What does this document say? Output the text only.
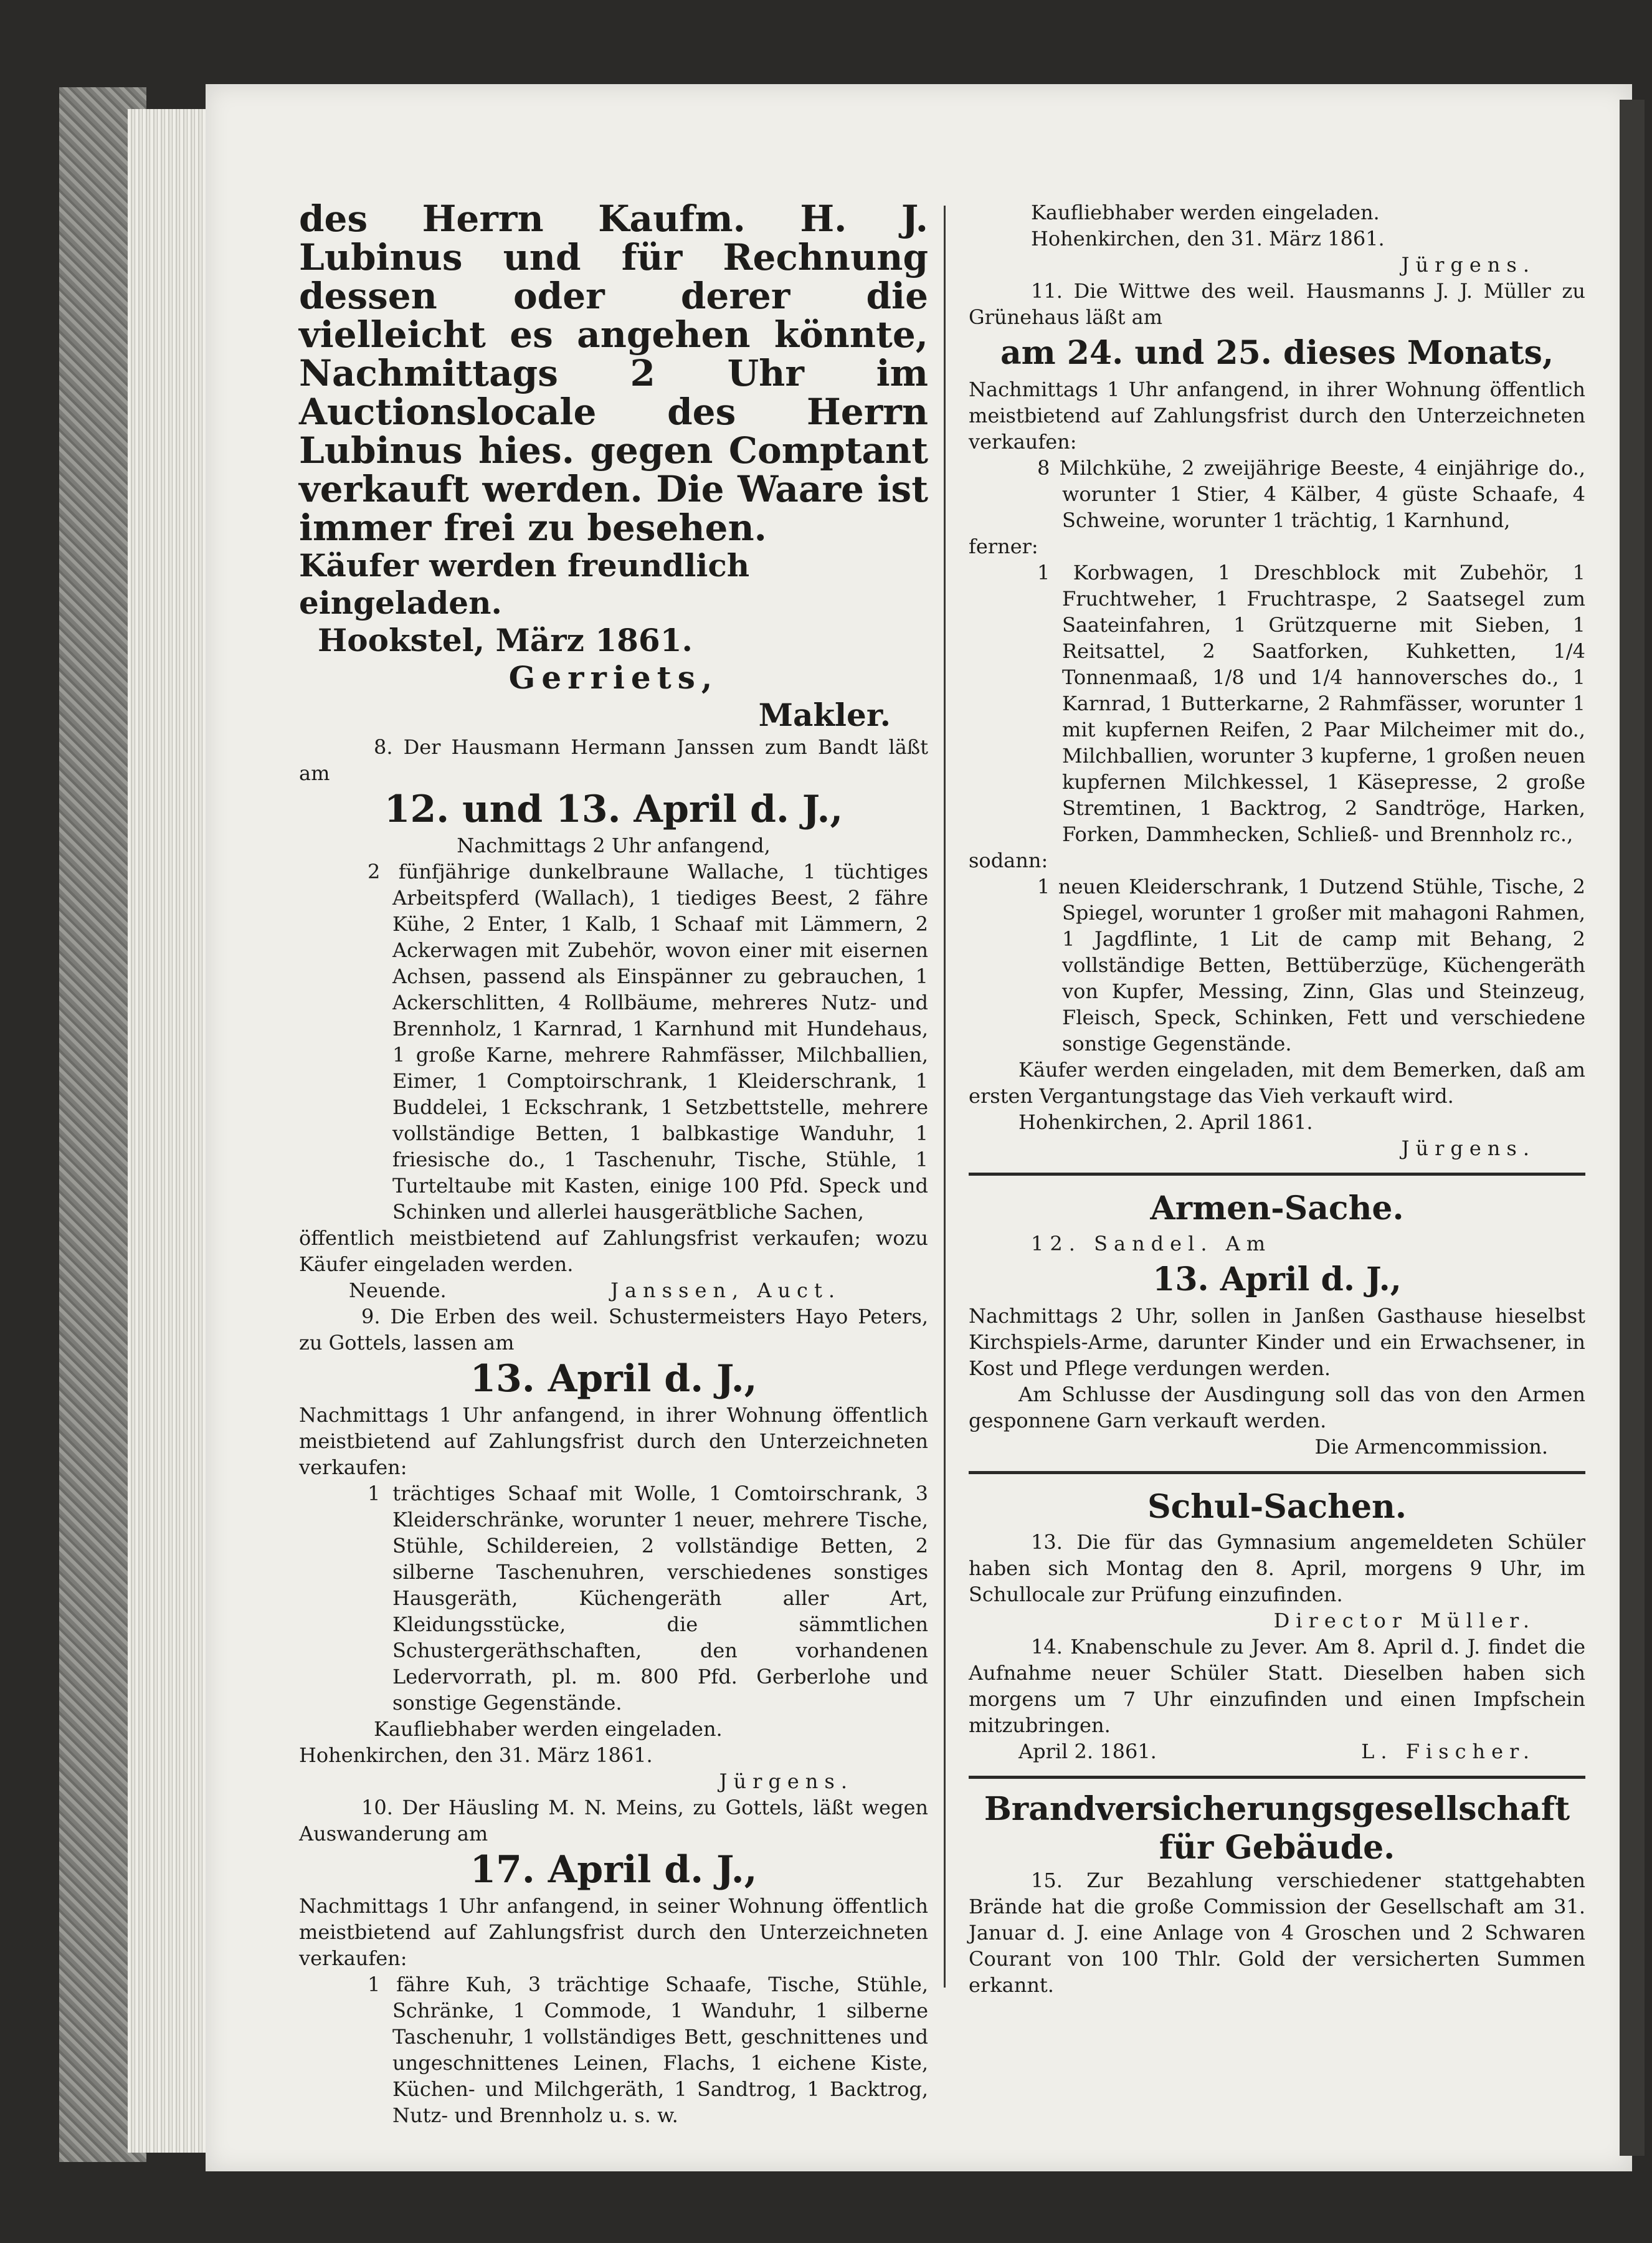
des Herrn Kaufm. H. J. Lubinus und für Rechnung dessen oder derer die vielleicht es angehen könnte, Nachmittags 2 Uhr im Auctionslocale des Herrn Lubinus hies. gegen Comptant verkauft werden. Die Waare ist immer frei zu besehen.

Käufer werden freundlich eingeladen.

Hookstel, März 1861.

Gerriets,

Makler.

8. Der Hausmann Hermann Janssen zum Bandt läßt am

12. und 13. April d. J.,

Nachmittags 2 Uhr anfangend,

2 fünfjährige dunkelbraune Wallache, 1 tüchtiges Arbeitspferd (Wallach), 1 tiediges Beest, 2 fähre Kühe, 2 Enter, 1 Kalb, 1 Schaaf mit Lämmern, 2 Ackerwagen mit Zubehör, wovon einer mit eisernen Achsen, passend als Einspänner zu gebrauchen, 1 Ackerschlitten, 4 Rollbäume, mehreres Nutz- und Brennholz, 1 Karnrad, 1 Karnhund mit Hundehaus, 1 große Karne, mehrere Rahmfässer, Milchballien, Eimer, 1 Comptoirschrank, 1 Kleiderschrank, 1 Buddelei, 1 Eckschrank, 1 Setzbettstelle, mehrere vollständige Betten, 1 balbkastige Wanduhr, 1 friesische do., 1 Taschenuhr, Tische, Stühle, 1 Turteltaube mit Kasten, einige 100 Pfd. Speck und Schinken und allerlei hausgerätbliche Sachen,

öffentlich meistbietend auf Zahlungsfrist verkaufen; wozu Käufer eingeladen werden.

Neuende.	Janssen, Auct.

9. Die Erben des weil. Schustermeisters Hayo Peters, zu Gottels, lassen am

13. April d. J.,

Nachmittags 1 Uhr anfangend, in ihrer Wohnung öffentlich meistbietend auf Zahlungsfrist durch den Unterzeichneten verkaufen:

1 trächtiges Schaaf mit Wolle, 1 Comtoirschrank, 3 Kleiderschränke, worunter 1 neuer, mehrere Tische, Stühle, Schildereien, 2 vollständige Betten, 2 silberne Taschenuhren, verschiedenes sonstiges Hausgeräth, Küchengeräth aller Art, Kleidungsstücke, die sämmtlichen Schustergeräthschaften, den vorhandenen Ledervorrath, pl. m. 800 Pfd. Gerberlohe und sonstige Gegenstände.

Kaufliebhaber werden eingeladen.

Hohenkirchen, den 31. März 1861.

Jürgens.

10. Der Häusling M. N. Meins, zu Gottels, läßt wegen Auswanderung am

17. April d. J.,

Nachmittags 1 Uhr anfangend, in seiner Wohnung öffentlich meistbietend auf Zahlungsfrist durch den Unterzeichneten verkaufen:

1 fähre Kuh, 3 trächtige Schaafe, Tische, Stühle, Schränke, 1 Commode, 1 Wanduhr, 1 silberne Taschenuhr, 1 vollständiges Bett, geschnittenes und ungeschnittenes Leinen, Flachs, 1 eichene Kiste, Küchen- und Milchgeräth, 1 Sandtrog, 1 Backtrog, Nutz- und Brennholz u. s. w.

Kaufliebhaber werden eingeladen.

Hohenkirchen, den 31. März 1861.

Jürgens.

11. Die Wittwe des weil. Hausmanns J. J. Müller zu Grünehaus läßt am

am 24. und 25. dieses Monats,

Nachmittags 1 Uhr anfangend, in ihrer Wohnung öffentlich meistbietend auf Zahlungsfrist durch den Unterzeichneten verkaufen:

8 Milchkühe, 2 zweijährige Beeste, 4 einjährige do., worunter 1 Stier, 4 Kälber, 4 güste Schaafe, 4 Schweine, worunter 1 trächtig, 1 Karnhund,

ferner:

1 Korbwagen, 1 Dreschblock mit Zubehör, 1 Fruchtweher, 1 Fruchtraspe, 2 Saatsegel zum Saateinfahren, 1 Grützquerne mit Sieben, 1 Reitsattel, 2 Saatforken, Kuhketten, 1/4 Tonnenmaaß, 1/8 und 1/4 hannoversches do., 1 Karnrad, 1 Butterkarne, 2 Rahmfässer, worunter 1 mit kupfernen Reifen, 2 Paar Milcheimer mit do., Milchballien, worunter 3 kupferne, 1 großen neuen kupfernen Milchkessel, 1 Käsepresse, 2 große Stremtinen, 1 Backtrog, 2 Sandtröge, Harken, Forken, Dammhecken, Schließ- und Brennholz rc.,

sodann:

1 neuen Kleiderschrank, 1 Dutzend Stühle, Tische, 2 Spiegel, worunter 1 großer mit mahagoni Rahmen, 1 Jagdflinte, 1 Lit de camp mit Behang, 2 vollständige Betten, Bettüberzüge, Küchengeräth von Kupfer, Messing, Zinn, Glas und Steinzeug, Fleisch, Speck, Schinken, Fett und verschiedene sonstige Gegenstände.

Käufer werden eingeladen, mit dem Bemerken, daß am ersten Vergantungstage das Vieh verkauft wird.

Hohenkirchen, 2. April 1861.

Jürgens.

Armen-Sache.

12. Sandel. Am

13. April d. J.,

Nachmittags 2 Uhr, sollen in Janßen Gasthause hieselbst Kirchspiels-Arme, darunter Kinder und ein Erwachsener, in Kost und Pflege verdungen werden.

Am Schlusse der Ausdingung soll das von den Armen gesponnene Garn verkauft werden.

Die Armencommission.

Schul-Sachen.

13. Die für das Gymnasium angemeldeten Schüler haben sich Montag den 8. April, morgens 9 Uhr, im Schullocale zur Prüfung einzufinden.

Director Müller.

14. Knabenschule zu Jever. Am 8. April d. J. findet die Aufnahme neuer Schüler Statt. Dieselben haben sich morgens um 7 Uhr einzufinden und einen Impfschein mitzubringen.

April 2. 1861.	L. Fischer.

Brandversicherungsgesellschaft für Gebäude.

15. Zur Bezahlung verschiedener stattgehabten Brände hat die große Commission der Gesellschaft am 31. Januar d. J. eine Anlage von 4 Groschen und 2 Schwaren Courant von 100 Thlr. Gold der versicherten Summen erkannt.
